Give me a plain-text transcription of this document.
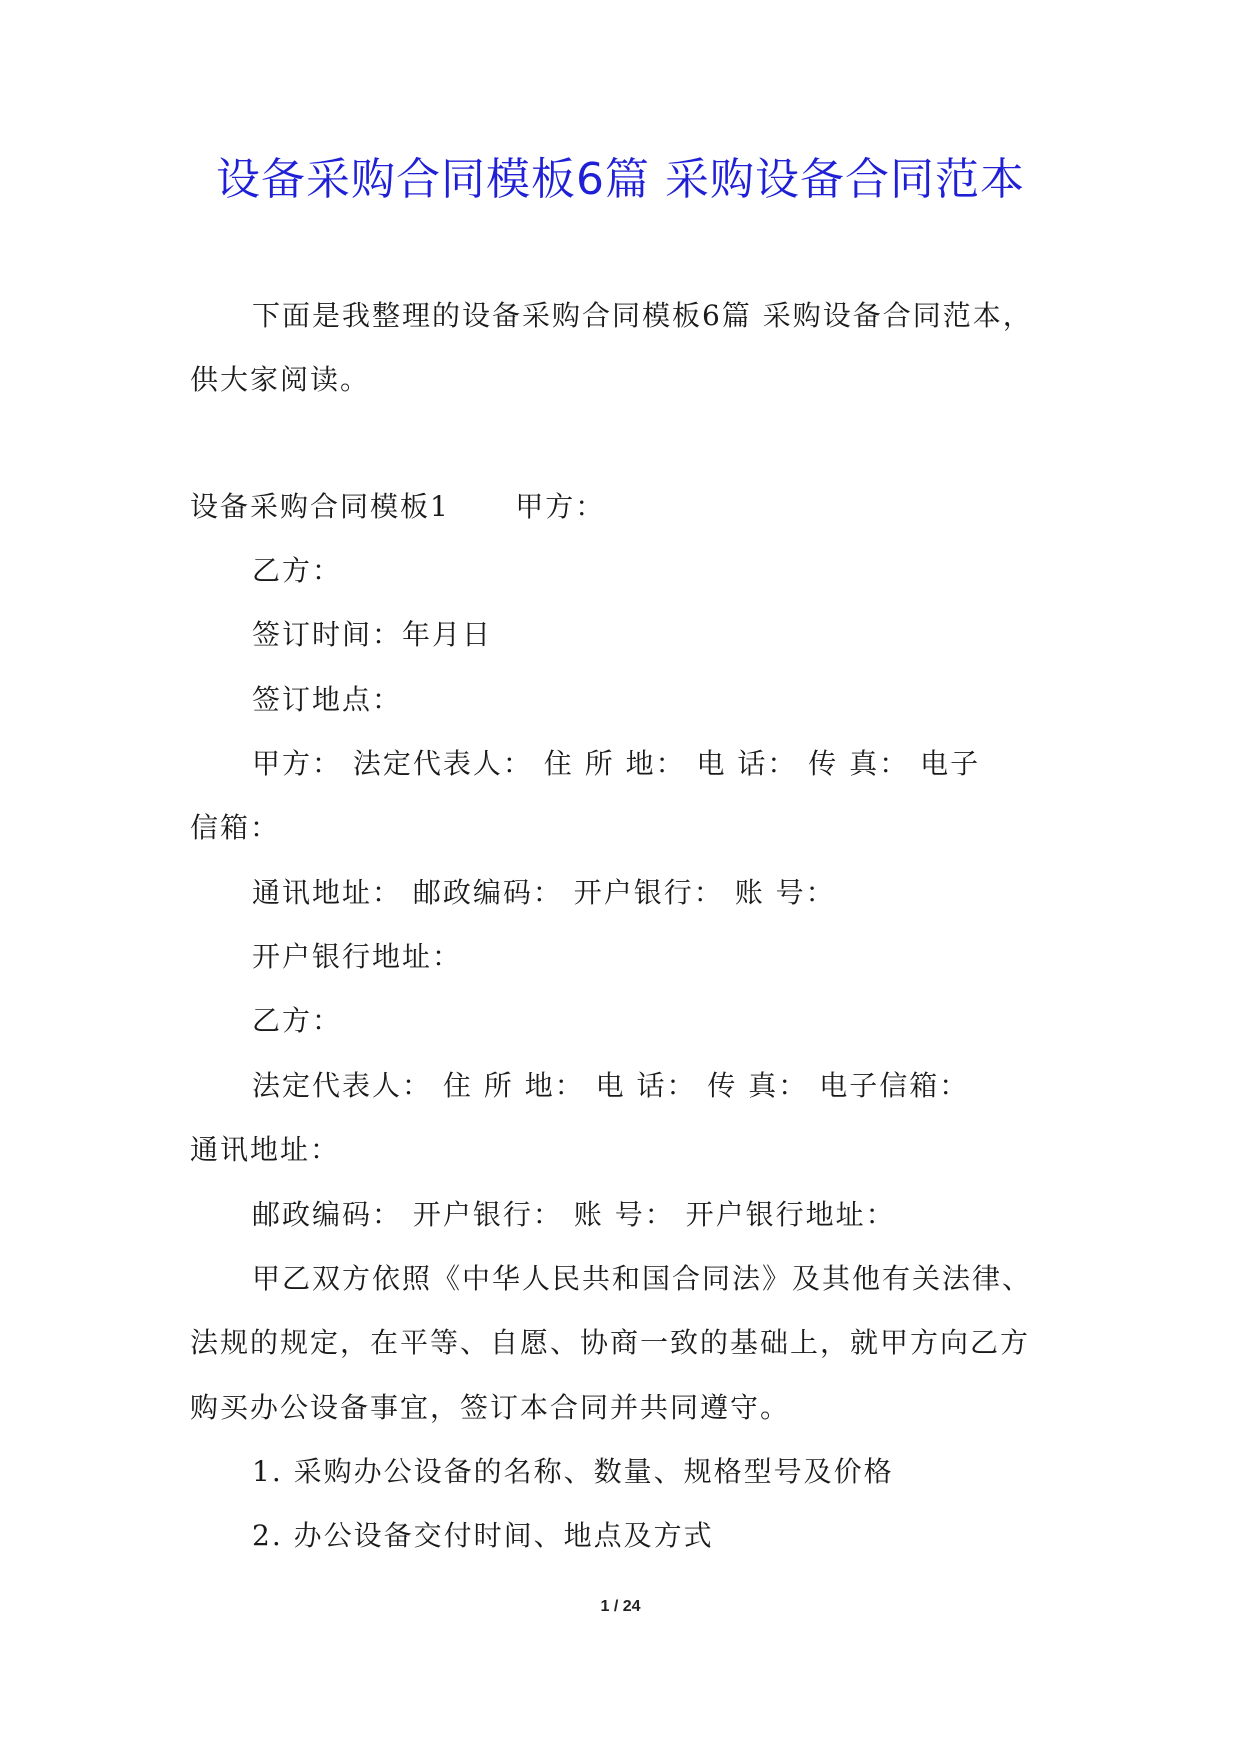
设备采购合同模板6篇 采购设备合同范本
下面是我整理的设备采购合同模板6篇 采购设备合同范本，
供大家阅读。
设备采购合同模板1      甲方：
乙方：
签订时间：年月日
签订地点：
甲方： 法定代表人： 住 所 地： 电 话： 传 真： 电子
信箱：
通讯地址： 邮政编码： 开户银行： 账 号：
开户银行地址：
乙方：
法定代表人： 住 所 地： 电 话： 传 真： 电子信箱：
通讯地址：
邮政编码： 开户银行： 账 号： 开户银行地址：
甲乙双方依照《中华人民共和国合同法》及其他有关法律、
法规的规定，在平等、自愿、协商一致的基础上，就甲方向乙方
购买办公设备事宜，签订本合同并共同遵守。
1. 采购办公设备的名称、数量、规格型号及价格
2. 办公设备交付时间、地点及方式
1 / 24
